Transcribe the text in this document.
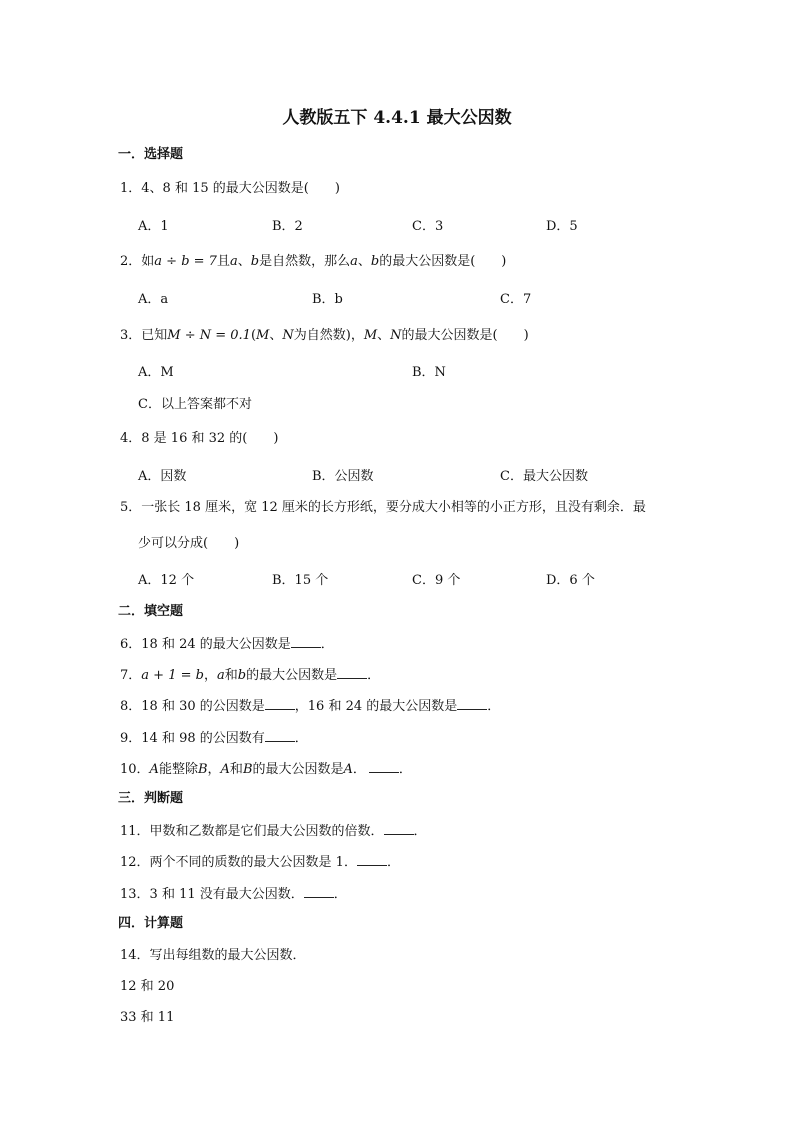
人教版五下 4.4.1 最大公因数
一．选择题
1．4、8 和 15 的最大公因数是(　　)
A．1	B．2	C．3	D．5
2．如a ÷ b = 7且a、b是自然数，那么a、b的最大公因数是(　　)
A．a	B．b	C．7
3．已知M ÷ N = 0.1(M、N为自然数)，M、N的最大公因数是(　　)
A．M	B．N
C．以上答案都不对
4．8 是 16 和 32 的(　　)
A．因数	B．公因数	C．最大公因数
5．一张长 18 厘米，宽 12 厘米的长方形纸，要分成大小相等的小正方形，且没有剩余．最
少可以分成(　　)
A．12 个	B．15 个	C．9 个	D．6 个
二．填空题
6．18 和 24 的最大公因数是 ．
7．a + 1 = b，a和b的最大公因数是 ．
8．18 和 30 的公因数是 ，16 和 24 的最大公因数是 ．
9．14 和 98 的公因数有 ．
10．A能整除B，A和B的最大公因数是A．	．
三．判断题
11．甲数和乙数都是它们最大公因数的倍数． ．
12．两个不同的质数的最大公因数是 1． ．
13．3 和 11 没有最大公因数． ．
四．计算题
14．写出每组数的最大公因数．
12 和 20
33 和 11
